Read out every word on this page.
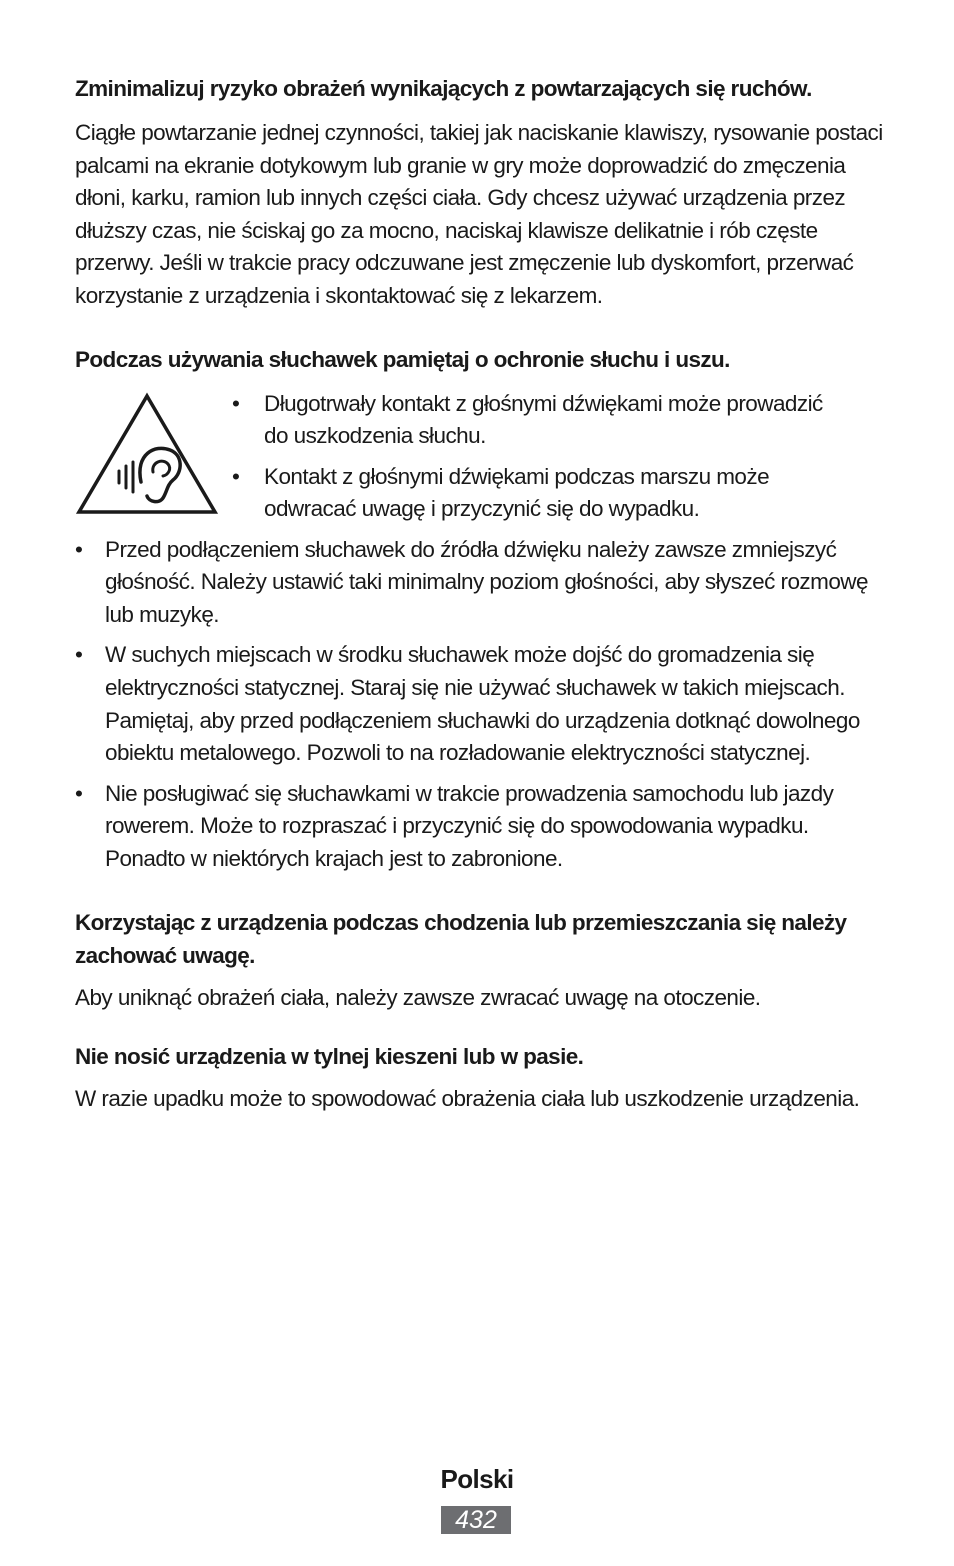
Zminimalizuj ryzyko obrażeń wynikających z powtarzających się ruchów.

Ciągłe powtarzanie jednej czynności, takiej jak naciskanie klawiszy, rysowanie postaci palcami na ekranie dotykowym lub granie w gry może doprowadzić do zmęczenia dłoni, karku, ramion lub innych części ciała. Gdy chcesz używać urządzenia przez dłuższy czas, nie ściskaj go za mocno, naciskaj klawisze delikatnie i rób częste przerwy. Jeśli w trakcie pracy odczuwane jest zmęczenie lub dyskomfort, przerwać korzystanie z urządzenia i skontaktować się z lekarzem.

Podczas używania słuchawek pamiętaj o ochronie słuchu i uszu.
• Długotrwały kontakt z głośnymi dźwiękami może prowadzić do uszkodzenia słuchu.
• Kontakt z głośnymi dźwiękami podczas marszu może odwracać uwagę i przyczynić się do wypadku.
• Przed podłączeniem słuchawek do źródła dźwięku należy zawsze zmniejszyć głośność. Należy ustawić taki minimalny poziom głośności, aby słyszeć rozmowę lub muzykę.
• W suchych miejscach w środku słuchawek może dojść do gromadzenia się elektryczności statycznej. Staraj się nie używać słuchawek w takich miejscach. Pamiętaj, aby przed podłączeniem słuchawki do urządzenia dotknąć dowolnego obiektu metalowego. Pozwoli to na rozładowanie elektryczności statycznej.
• Nie posługiwać się słuchawkami w trakcie prowadzenia samochodu lub jazdy rowerem. Może to rozpraszać i przyczynić się do spowodowania wypadku. Ponadto w niektórych krajach jest to zabronione.
Korzystając z urządzenia podczas chodzenia lub przemieszczania się należy zachować uwagę.

Aby uniknąć obrażeń ciała, należy zawsze zwracać uwagę na otoczenie.

Nie nosić urządzenia w tylnej kieszeni lub w pasie.

W razie upadku może to spowodować obrażenia ciała lub uszkodzenie urządzenia.

Polski
432
